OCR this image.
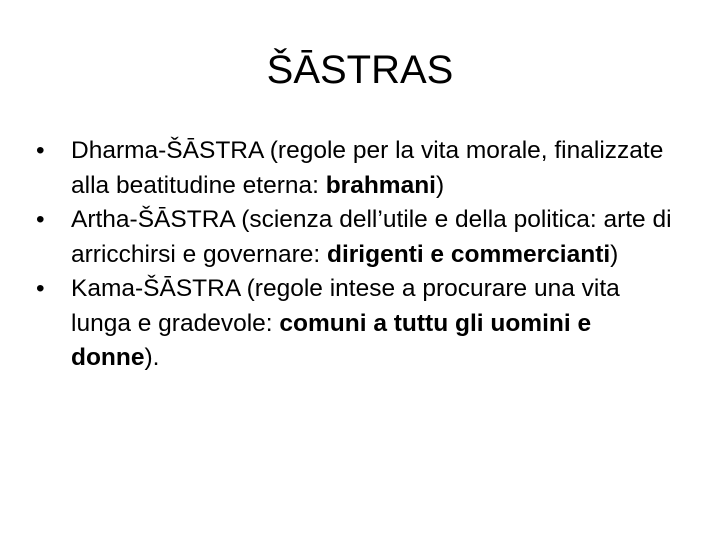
ŠĀSTRAS
•	Dharma-ŠĀSTRA (regole per la vita morale, finalizzate alla beatitudine eterna: brahmani)
•	Artha-ŠĀSTRA (scienza dell’utile e della politica: arte di arricchirsi e governare: dirigenti e commercianti)
•	Kama-ŠĀSTRA (regole intese a procurare una vita lunga e gradevole: comuni a tuttu gli uomini e donne).
